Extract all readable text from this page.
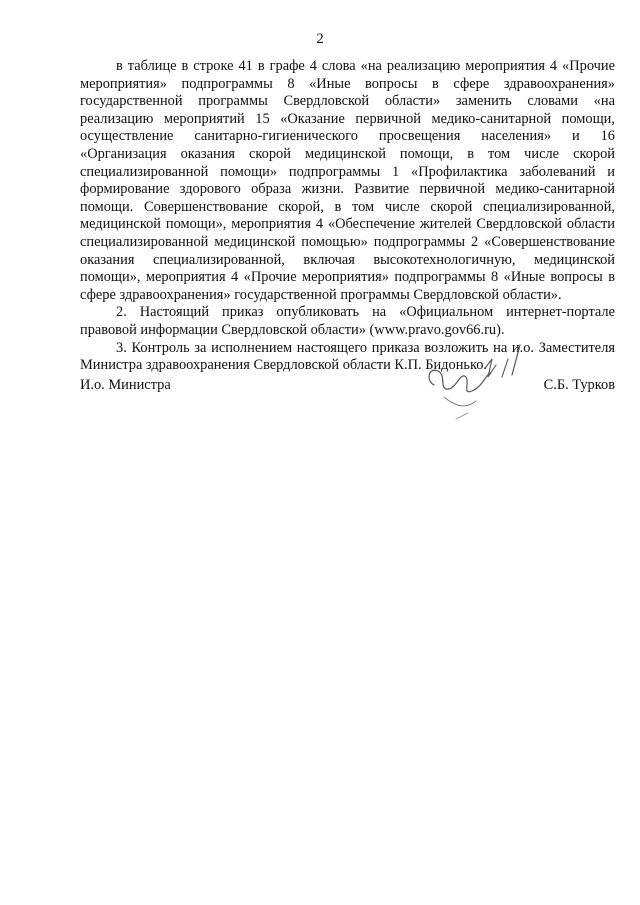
2

в таблице в строке 41 в графе 4 слова «на реализацию мероприятия 4 «Прочие мероприятия» подпрограммы 8 «Иные вопросы в сфере здравоохранения» государственной программы Свердловской области» заменить словами «на реализацию мероприятий 15 «Оказание первичной медико-санитарной помощи, осуществление санитарно-гигиенического просвещения населения» и 16 «Организация оказания скорой медицинской помощи, в том числе скорой специализированной помощи» подпрограммы 1 «Профилактика заболеваний и формирование здорового образа жизни. Развитие первичной медико-санитарной помощи. Совершенствование скорой, в том числе скорой специализированной, медицинской помощи», мероприятия 4 «Обеспечение жителей Свердловской области специализированной медицинской помощью» подпрограммы 2 «Совершенствование оказания специализированной, включая высокотехнологичную, медицинской помощи», мероприятия 4 «Прочие мероприятия» подпрограммы 8 «Иные вопросы в сфере здравоохранения» государственной программы Свердловской области».

2. Настоящий приказ опубликовать на «Официальном интернет-портале правовой информации Свердловской области» (www.pravo.gov66.ru).

3. Контроль за исполнением настоящего приказа возложить на и.о. Заместителя Министра здравоохранения Свердловской области К.П. Бидонько.

И.о. Министра	С.Б. Турков
